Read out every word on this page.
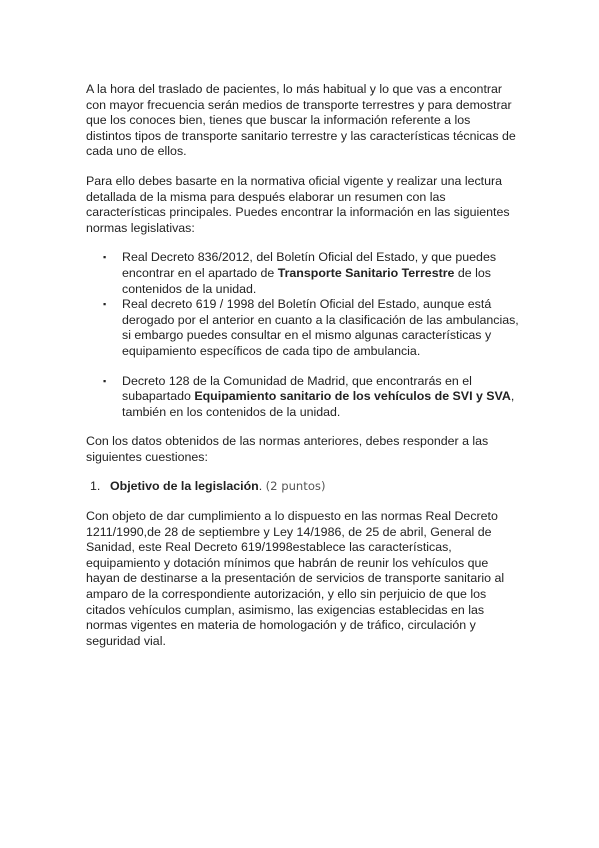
A la hora del traslado de pacientes, lo más habitual y lo que vas a encontrar con mayor frecuencia serán medios de transporte terrestres y para demostrar que los conoces bien, tienes que buscar la información referente a los distintos tipos de transporte sanitario terrestre y las características técnicas de cada uno de ellos.

Para ello debes basarte en la normativa oficial vigente y realizar una lectura detallada de la misma para después elaborar un resumen con las características principales. Puedes encontrar la información en las siguientes normas legislativas:

▪ Real Decreto 836/2012, del Boletín Oficial del Estado, y que puedes encontrar en el apartado de Transporte Sanitario Terrestre de los contenidos de la unidad.
▪ Real decreto 619 / 1998 del Boletín Oficial del Estado, aunque está derogado por el anterior en cuanto a la clasificación de las ambulancias, si embargo puedes consultar en el mismo algunas características y equipamiento específicos de cada tipo de ambulancia.
▪ Decreto 128 de la Comunidad de Madrid, que encontrarás en el subapartado Equipamiento sanitario de los vehículos de SVI y SVA, también en los contenidos de la unidad.

Con los datos obtenidos de las normas anteriores, debes responder a las siguientes cuestiones:

1. Objetivo de la legislación. (2 puntos)

Con objeto de dar cumplimiento a lo dispuesto en las normas Real Decreto 1211/1990,de 28 de septiembre y Ley 14/1986, de 25 de abril, General de Sanidad, este Real Decreto 619/1998establece las características, equipamiento y dotación mínimos que habrán de reunir los vehículos que hayan de destinarse a la presentación de servicios de transporte sanitario al amparo de la correspondiente autorización, y ello sin perjuicio de que los citados vehículos cumplan, asimismo, las exigencias establecidas en las normas vigentes en materia de homologación y de tráfico, circulación y seguridad vial.
